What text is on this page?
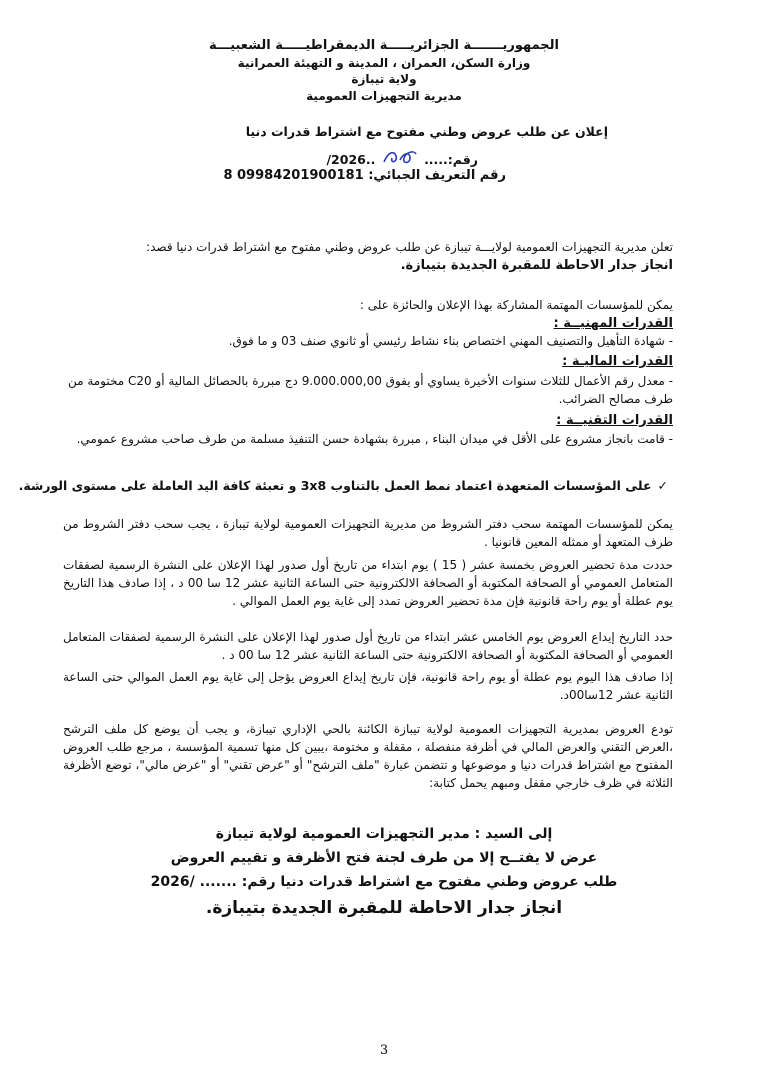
الجمهوريـــــــة الجزائريـــــة الديمقراطيـــــة الشعبيـــة
وزارة السكن، العمران ، المدينة و التهيئة العمرانية
ولاية تيبازة
مديرية التجهيزات العمومية
إعلان عن طلب عروض وطني مفتوح مع اشتراط قدرات دنيا
رقم:.....  ..2026/
رقم التعريف الجبائي: 09984201900181 8
تعلن مديرية التجهيزات العمومية لولايـــة تيبازة عن طلب عروض وطني مفتوح مع اشتراط قدرات دنيا قصد:
انجاز جدار الاحاطة للمقبرة الجديدة بتيبازة.
يمكن للمؤسسات المهتمة المشاركة بهذا الإعلان والحائزة على :
القدرات المهنيــة :
- شهادة التأهيل والتصنيف المهني اختصاص بناء نشاط رئيسي أو ثانوي صنف 03 و ما فوق.
القدرات الماليـة :
- معدل رقم الأعمال للثلاث سنوات الأخيرة يساوي أو يفوق 9.000.000,00 دج مبررة بالحصائل المالية أو C20 مختومة من
طرف مصالح الضرائب.
القدرات التقنيــة :
- قامت بانجاز مشروع على الأقل في ميدان البناء , مبررة بشهادة حسن التنفيذ مسلمة من طرف صاحب مشروع عمومي.
✓على المؤسسات المتعهدة اعتماد نمط العمل بالتناوب 3x8 و تعبئة كافة اليد العاملة على مستوى الورشة.
يمكن للمؤسسات المهتمة سحب دفتر الشروط من مديرية التجهيزات العمومية لولاية تيبازة ، يجب سحب دفتر الشروط من طرف المتعهد أو ممثله المعين قانونيا .
حددت مدة تحضير العروض بخمسة عشر ( 15 ) يوم ابتداء من تاريخ أول صدور لهذا الإعلان على النشرة الرسمية لصفقات المتعامل العمومي أو الصحافة المكتوبة أو الصحافة الالكترونية حتى الساعة الثانية عشر 12 سا 00 د ، إذا صادف هذا التاريخ يوم عطلة أو يوم راحة قانونية فإن مدة تحضير العروض تمدد إلى غاية يوم العمل الموالي .
حدد التاريخ إيداع العروض يوم الخامس عشر ابتداء من تاريخ أول صدور لهذا الإعلان على النشرة الرسمية لصفقات المتعامل العمومي أو الصحافة المكتوبة أو الصحافة الالكترونية حتى الساعة الثانية عشر 12 سا 00 د .
إذا صادف هذا اليوم يوم عطلة أو يوم راحة قانونية، فإن تاريخ إيداع العروض يؤجل إلى غاية يوم العمل الموالي حتى الساعة الثانية عشر 12سا00د.
تودع العروض بمديرية التجهيزات العمومية لولاية تيبازة الكائنة بالحي الإداري تيبازة، و يجب أن يوضع كل ملف الترشح ،العرض التقني والعرض المالي في أظرفة منفصلة ، مقفلة و مختومة ،يبين كل منها تسمية المؤسسة ، مرجع طلب العروض المفتوح مع اشتراط قدرات دنيا و موضوعها و تتضمن عبارة "ملف الترشح" أو "عرض تقني" أو "عرض مالي"، توضع الأظرفة الثلاثة في ظرف خارجي مقفل ومبهم يحمل كتابة:
إلى السيد : مدير التجهيزات العمومية لولاية تيبازة
عرض لا يفتــح إلا من طرف لجنة فتح الأظرفة و تقييم العروض
طلب عروض وطني مفتوح مع اشتراط قدرات دنيا رقم: ....... /2026
انجاز جدار الاحاطة للمقبرة الجديدة بتيبازة.
3
